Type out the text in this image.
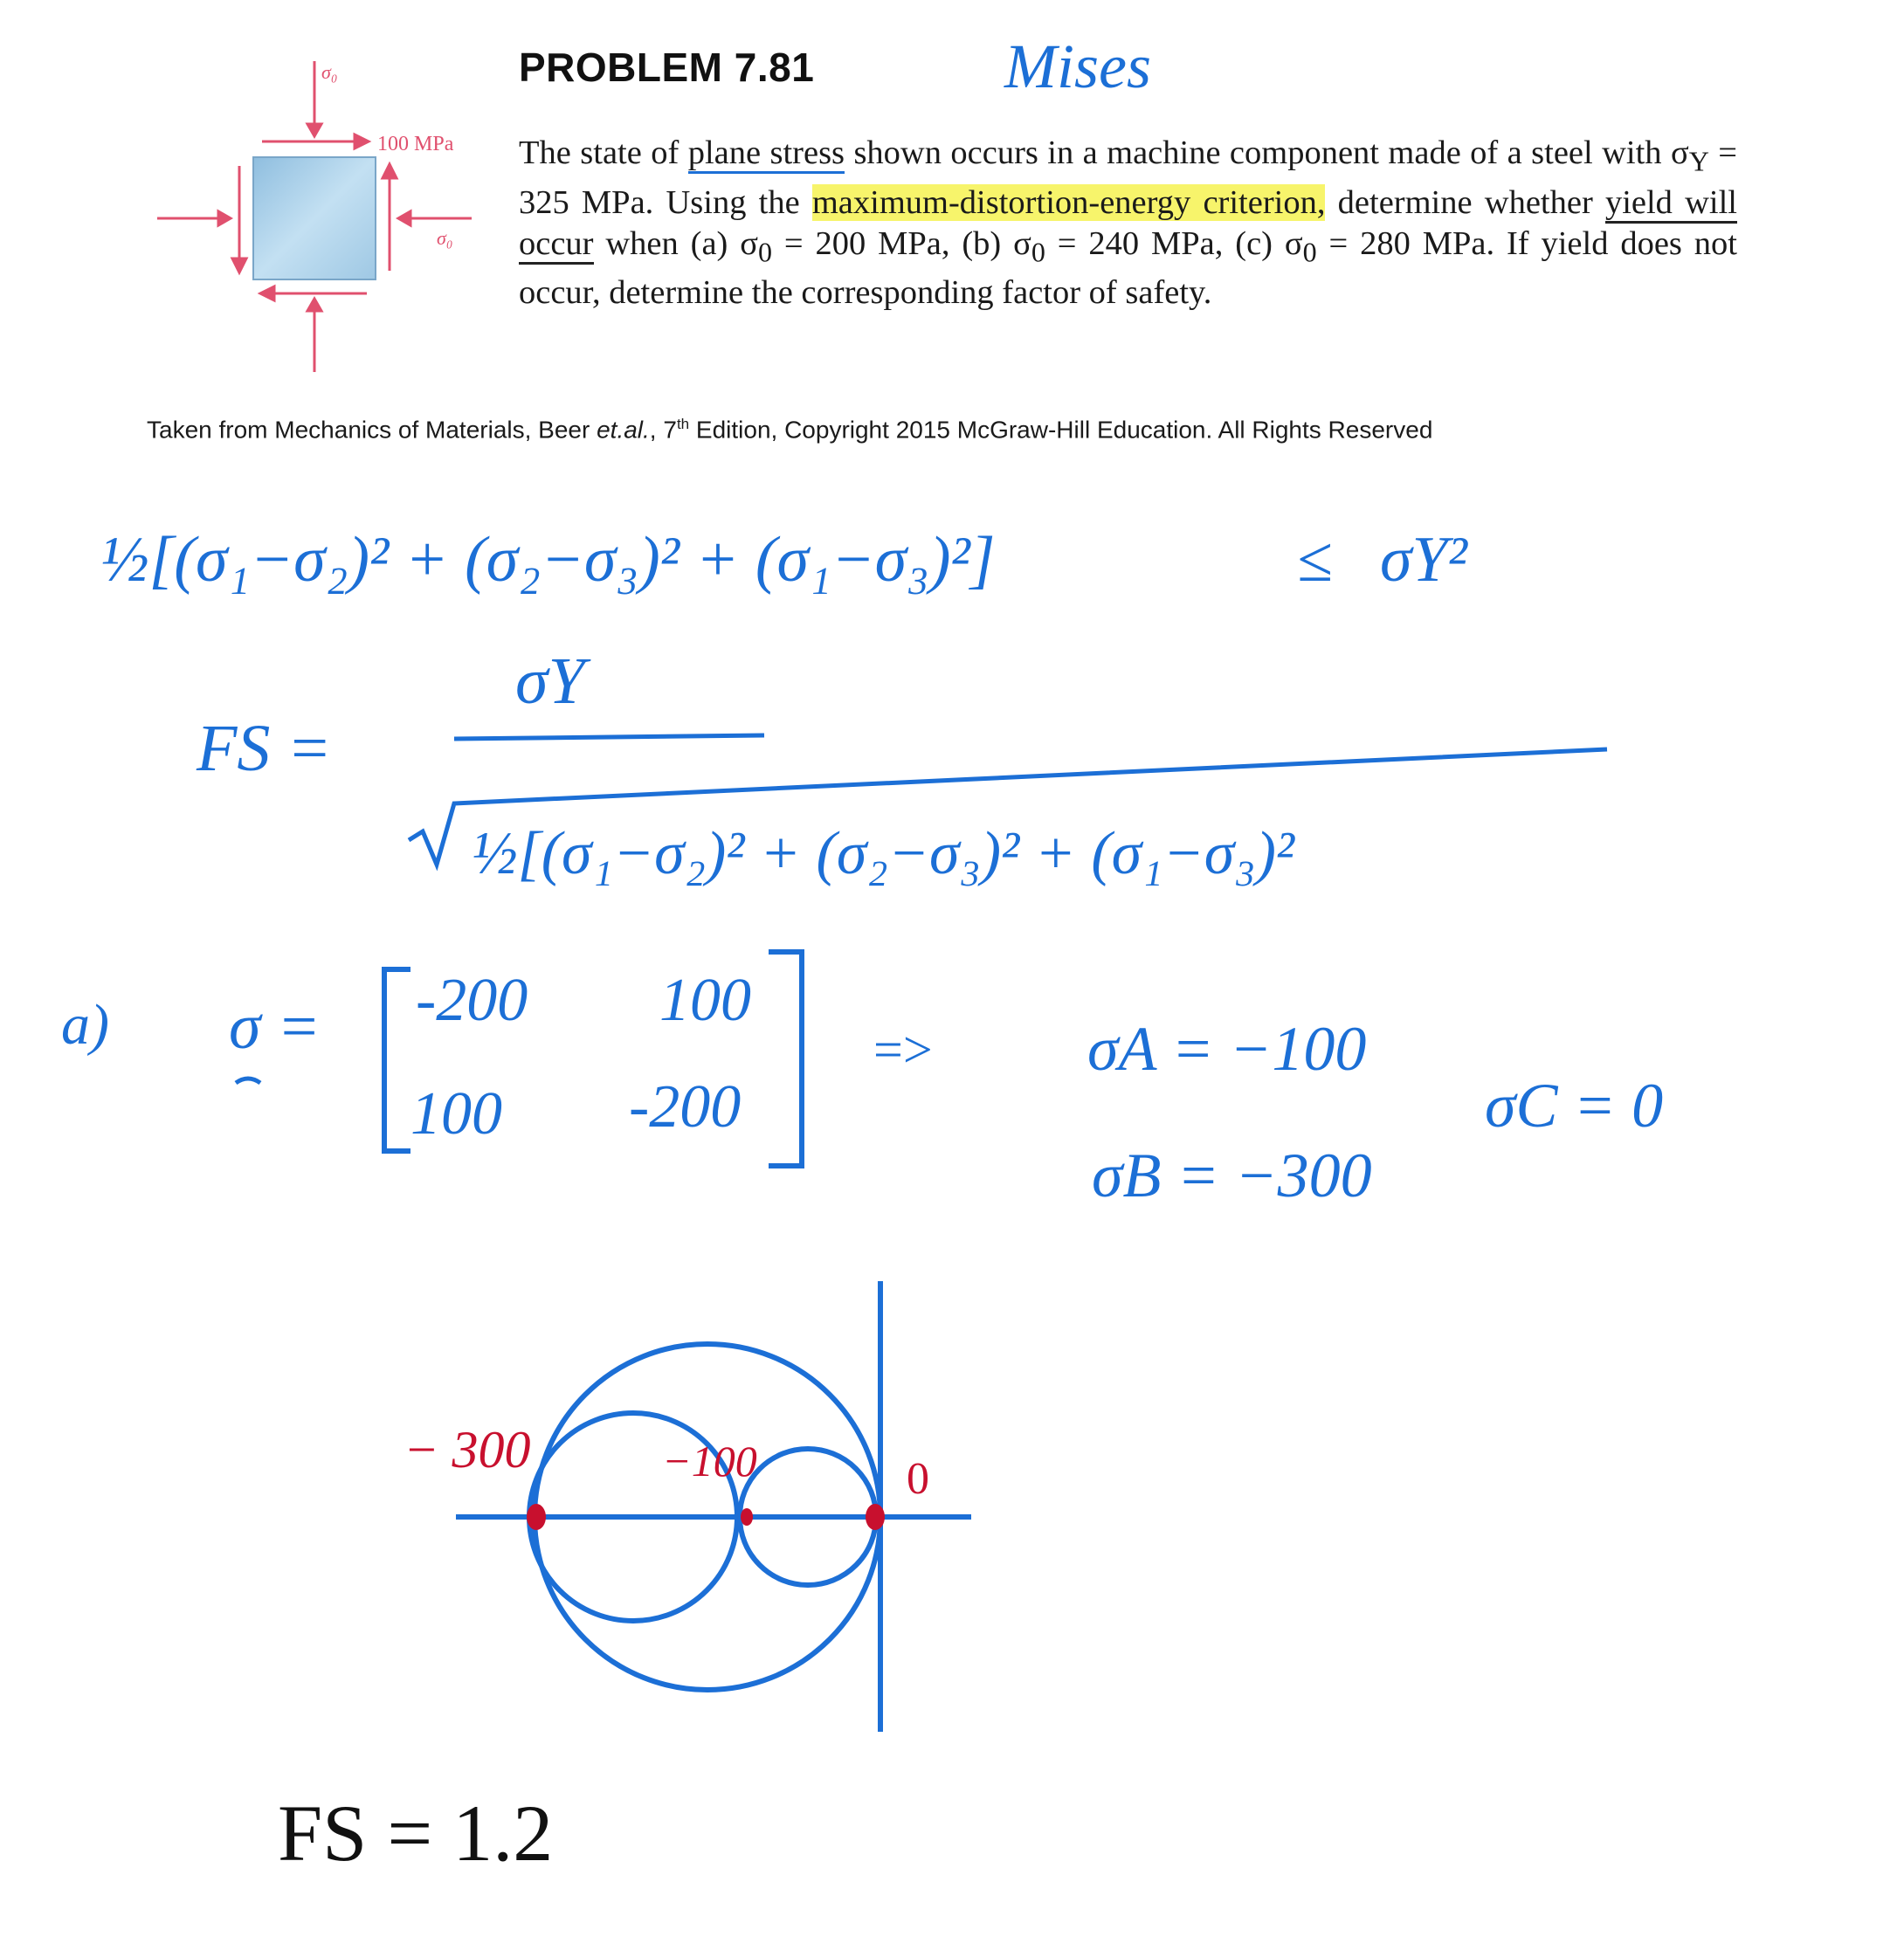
σ₀
100 MPa
σ₀
PROBLEM 7.81
The state of plane stress shown occurs in a machine component made of a steel with $\sigma_Y = 325$ MPa. Using the maximum-distortion-energy criterion, determine whether yield will occur when (a) $\sigma_0 = 200$ MPa, (b) $\sigma_0 = 240$ MPa, (c) $\sigma_0 = 280$ MPa. If yield does not occur, determine the corresponding factor of safety.
Taken from Mechanics of Materials, Beer et.al., 7th Edition, Copyright 2015 McGraw-Hill Education. All Rights Reserved
Mises
½[(σ₁−σ₂)² + (σ₂−σ₃)² + (σ₁−σ₃)²]	≤ σY²
FS =
σY
½[(σ₁−σ₂)² + (σ₂−σ₃)² + (σ₁−σ₃)²
a) σ = -200 100
100 -200
=> σA = −100
σB = −300
σC = 0
− 300	−100	0
FS = 1.2
